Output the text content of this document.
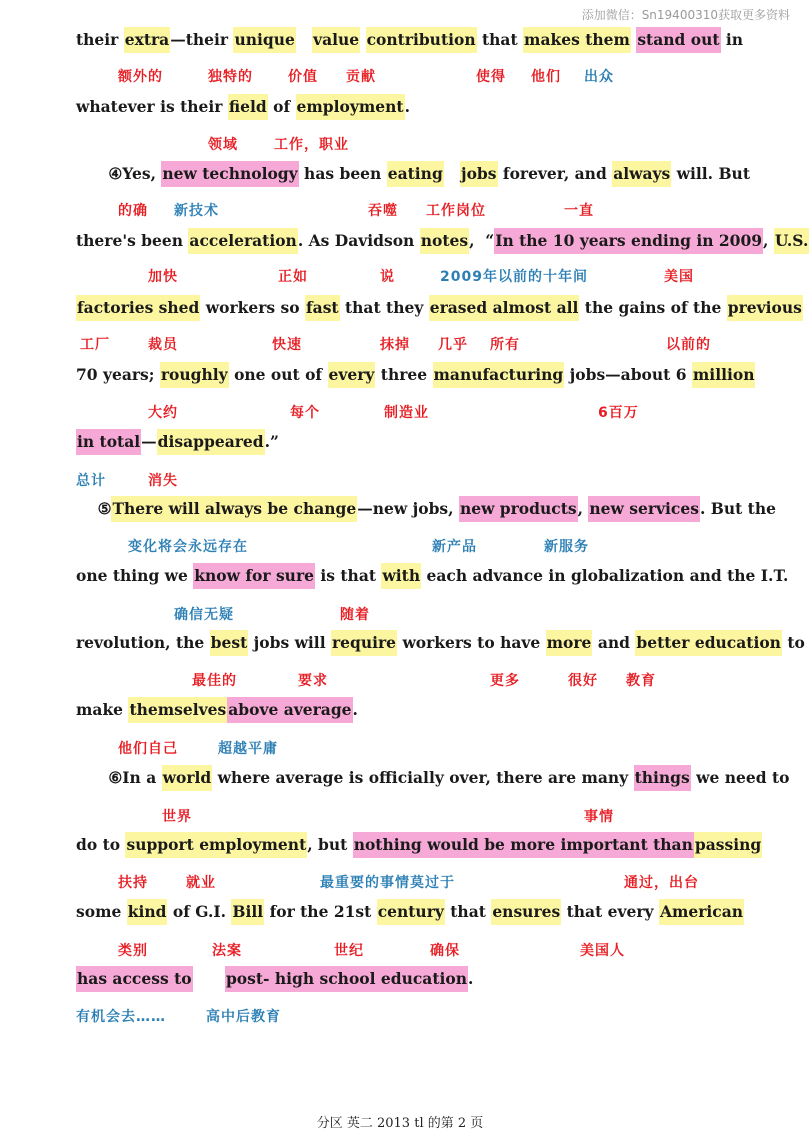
添加微信：Sn19400310获取更多资料
their extra—their unique value contribution that makes them stand out in
whatever is their field of employment.
④Yes, new technology has been eating jobs forever, and always will. But
there's been acceleration. As Davidson notes,  “In the 10 years ending in 2009, U.S.
factories shed workers so fast that they erased almost all the gains of the previous
70 years; roughly one out of every three manufacturing jobs—about 6 million
in total—disappeared.”
⑤There will always be change—new jobs, new products, new services. But the
one thing we know for sure is that with each advance in globalization and the I.T.
revolution, the best jobs will require workers to have more and better education to
make themselves above average.
⑥In a world where average is officially over, there are many things we need to
do to support employment, but nothing would be more important than passing
some kind of G.I. Bill for the 21st century that ensures that every American
has access to post- high school education.
额外的	独特的	价值 贡献	使得 他们 出众
领域	工作，职业
的确 新技术	吞噬 工作岗位	一直
加快	正如	说	2009年以前的十年间	美国
工厂	裁员	快速	抹掉 几乎 所有	以前的
大约	每个	制造业	6百万
总计	消失
变化将会永远存在	新产品	新服务
确信无疑	随着
最佳的	要求	更多	很好 教育
他们自己	超越平庸
世界	事情
扶持	就业	最重要的事情莫过于	通过，出台
类别	法案	世纪	确保	美国人
有机会去……	高中后教育
分区 英二 2013 tl 的第 2 页
